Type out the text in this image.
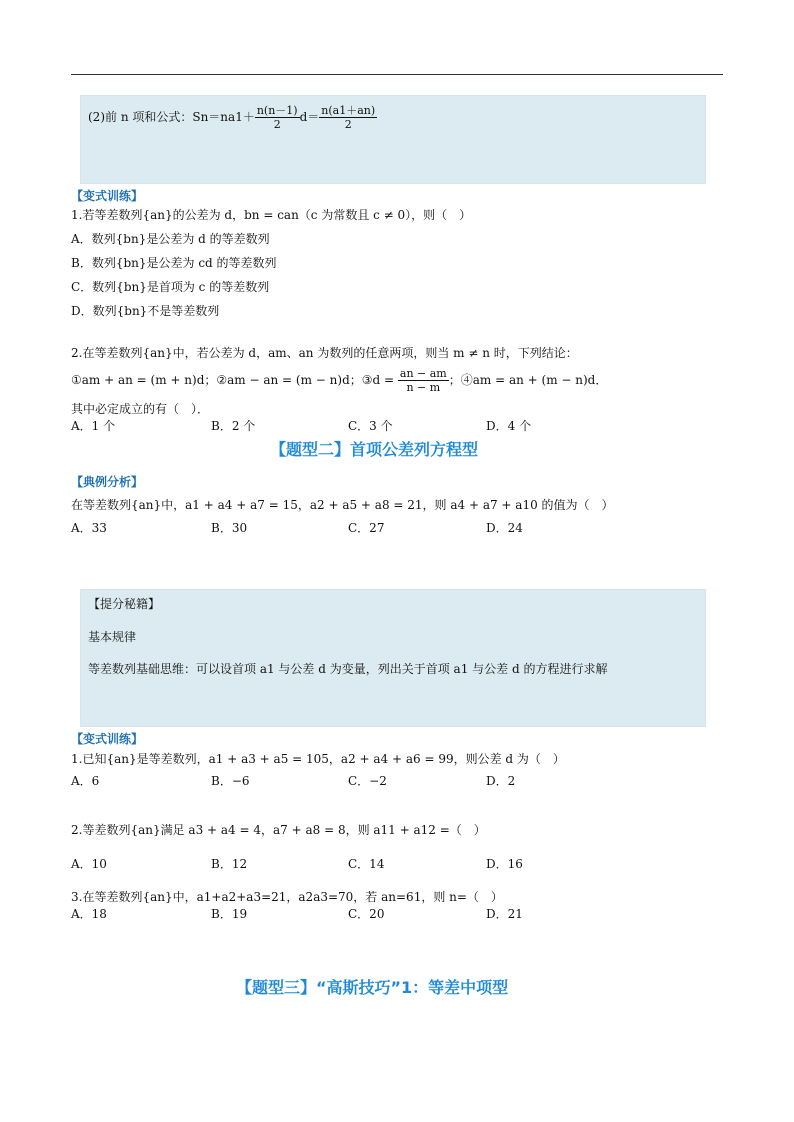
(2)前 n 项和公式：$Sn=na1+ \frac{n(n-1)}{2} d= \frac{n(a1+an)}{2}$
【变式训练】
1.若等差数列{an}的公差为 d，bn = can（c 为常数且 c ≠ 0），则（　）
A．数列{bn}是公差为 d 的等差数列
B．数列{bn}是公差为 cd 的等差数列
C．数列{bn}是首项为 c 的等差数列
D．数列{bn}不是等差数列
2.在等差数列{an}中，若公差为 d，am、an 为数列的任意两项，则当 m ≠ n 时，下列结论：
①am + an = (m + n)d；②am − an = (m − n)d；③d = $\frac{an - am}{n - m}$ ；④am = an + (m − n)d．
其中必定成立的有（　）．
A．1 个	B．2 个	C．3 个	D．4 个
【题型二】首项公差列方程型
【典例分析】
在等差数列{an}中，a1 + a4 + a7 = 15，a2 + a5 + a8 = 21，则 a4 + a7 + a10 的值为（　）
A．33	B．30	C．27	D．24
【提分秘籍】
基本规律
等差数列基础思维：可以设首项 a1 与公差 d 为变量，列出关于首项 a1 与公差 d 的方程进行求解
【变式训练】
1.已知{an}是等差数列，a1 + a3 + a5 = 105，a2 + a4 + a6 = 99，则公差 d 为（　）
A．6	B．−6	C．−2	D．2
2.等差数列{an}满足 a3 + a4 = 4，a7 + a8 = 8，则 a11 + a12 =（　）
A．10	B．12	C．14	D．16
3.在等差数列{an}中，a1+a2+a3=21，a2a3=70，若 an=61，则 n=（　）
A．18	B．19	C．20	D．21
【题型三】“高斯技巧”1：等差中项型
